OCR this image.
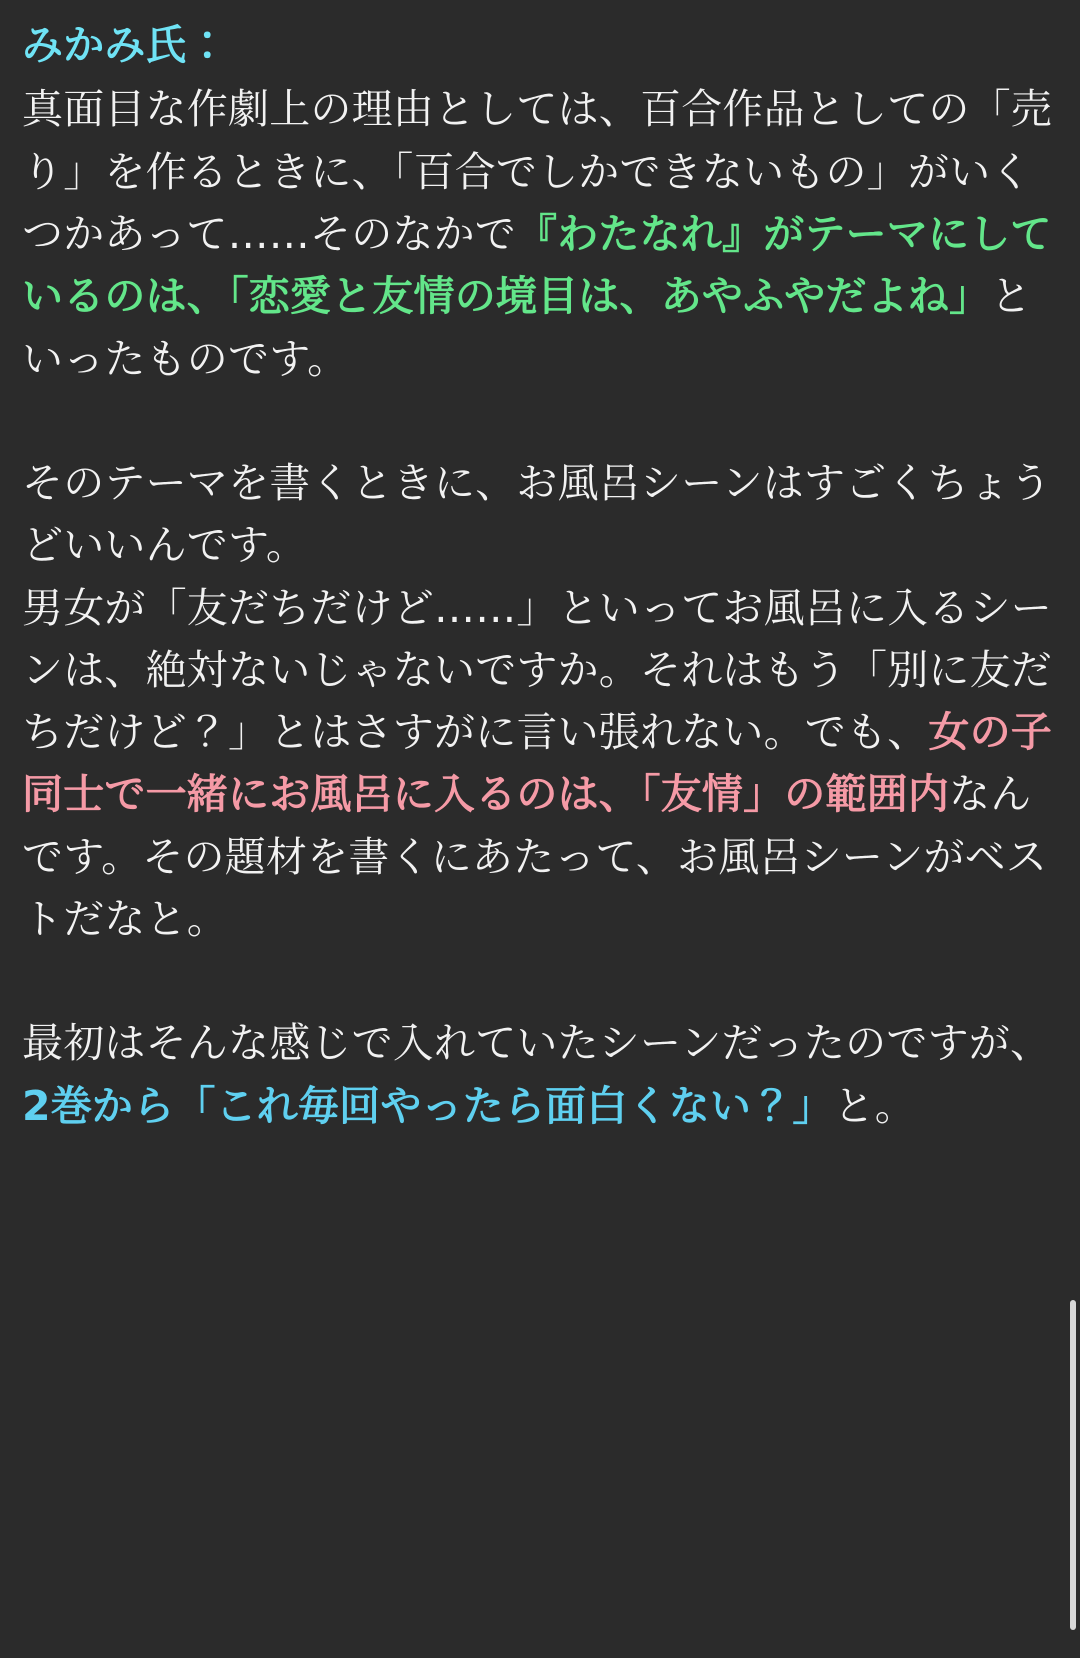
みかみ氏：

真面目な作劇上の理由としては、百合作品としての「売り」を作るときに、「百合でしかできないもの」がいくつかあって……そのなかで『わたなれ』がテーマにしているのは、「恋愛と友情の境目は、あやふやだよね」といったものです。

そのテーマを書くときに、お風呂シーンはすごくちょうどいいんです。

男女が「友だちだけど……」といってお風呂に入るシーンは、絶対ないじゃないですか。それはもう「別に友だちだけど？」とはさすがに言い張れない。でも、女の子同士で一緒にお風呂に入るのは、「友情」の範囲内なんです。その題材を書くにあたって、お風呂シーンがベストだなと。

最初はそんな感じで入れていたシーンだったのですが、2巻から「これ毎回やったら面白くない？」と。
